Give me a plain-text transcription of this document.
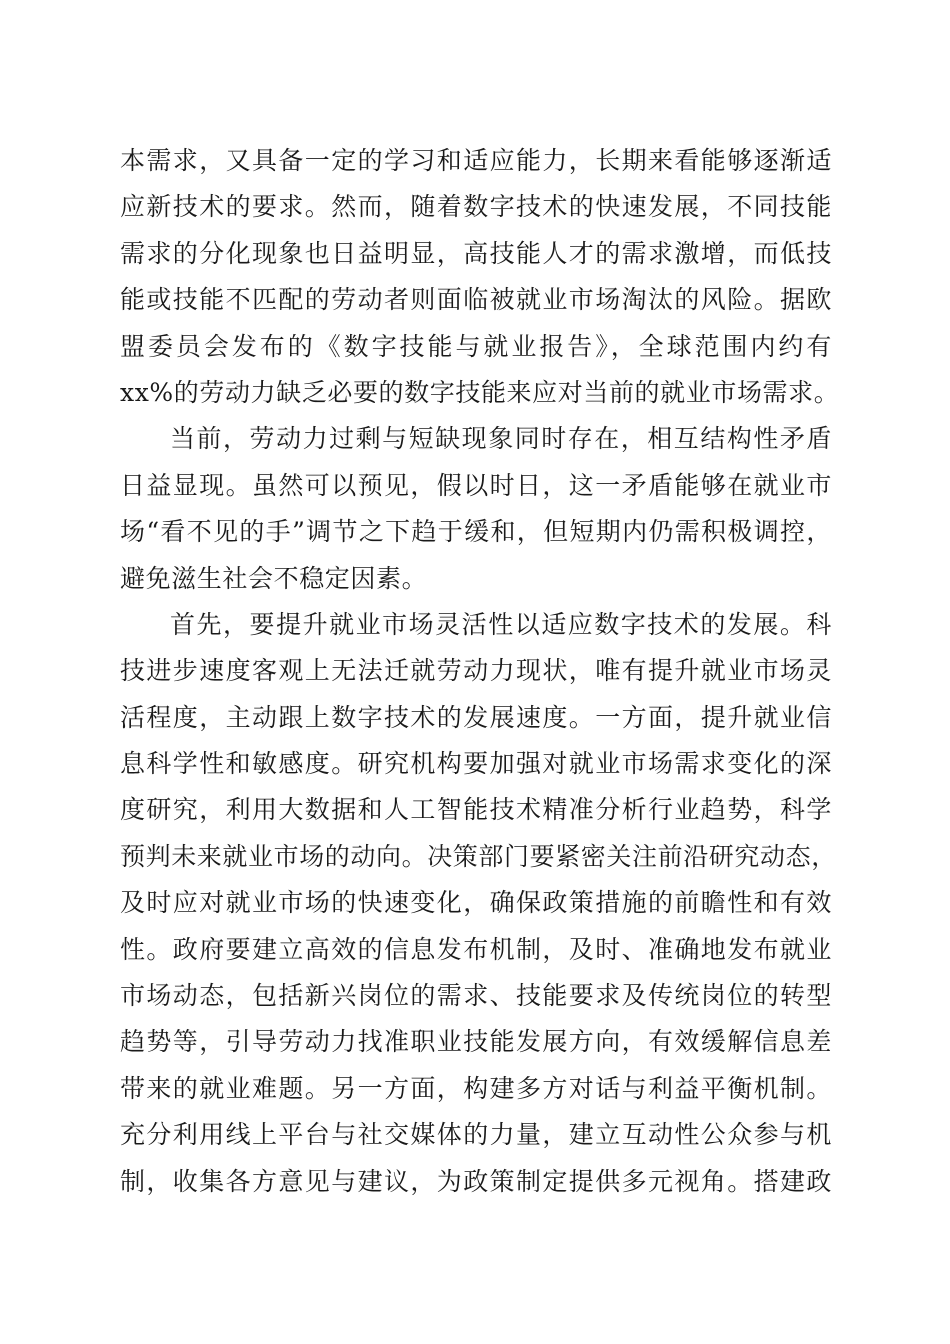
本需求，又具备一定的学习和适应能力，长期来看能够逐渐适
应新技术的要求。然而，随着数字技术的快速发展，不同技能
需求的分化现象也日益明显，高技能人才的需求激增，而低技
能或技能不匹配的劳动者则面临被就业市场淘汰的风险。据欧
盟委员会发布的《数字技能与就业报告》，全球范围内约有
xx%的劳动力缺乏必要的数字技能来应对当前的就业市场需求。
当前，劳动力过剩与短缺现象同时存在，相互结构性矛盾
日益显现。虽然可以预见，假以时日，这一矛盾能够在就业市
场“看不见的手”调节之下趋于缓和，但短期内仍需积极调控，
避免滋生社会不稳定因素。
首先，要提升就业市场灵活性以适应数字技术的发展。科
技进步速度客观上无法迁就劳动力现状，唯有提升就业市场灵
活程度，主动跟上数字技术的发展速度。一方面，提升就业信
息科学性和敏感度。研究机构要加强对就业市场需求变化的深
度研究，利用大数据和人工智能技术精准分析行业趋势，科学
预判未来就业市场的动向。决策部门要紧密关注前沿研究动态，
及时应对就业市场的快速变化，确保政策措施的前瞻性和有效
性。政府要建立高效的信息发布机制，及时、准确地发布就业
市场动态，包括新兴岗位的需求、技能要求及传统岗位的转型
趋势等，引导劳动力找准职业技能发展方向，有效缓解信息差
带来的就业难题。另一方面，构建多方对话与利益平衡机制。
充分利用线上平台与社交媒体的力量，建立互动性公众参与机
制，收集各方意见与建议，为政策制定提供多元视角。搭建政
